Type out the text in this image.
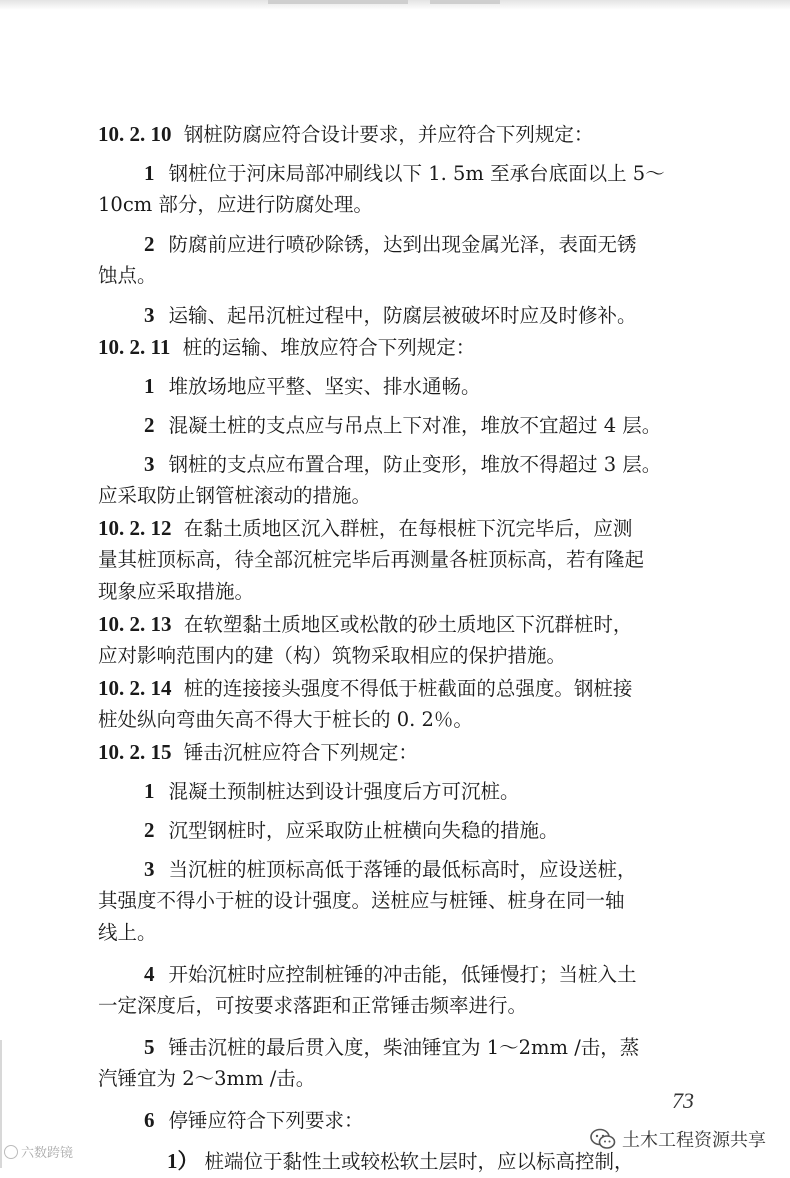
10. 2. 10 钢桩防腐应符合设计要求，并应符合下列规定：
1 钢桩位于河床局部冲刷线以下 1. 5m 至承台底面以上 5～
10cm 部分，应进行防腐处理。
2 防腐前应进行喷砂除锈，达到出现金属光泽，表面无锈
蚀点。
3 运输、起吊沉桩过程中，防腐层被破坏时应及时修补。
10. 2. 11 桩的运输、堆放应符合下列规定：
1 堆放场地应平整、坚实、排水通畅。
2 混凝土桩的支点应与吊点上下对准，堆放不宜超过 4 层。
3 钢桩的支点应布置合理，防止变形，堆放不得超过 3 层。
应采取防止钢管桩滚动的措施。
10. 2. 12 在黏土质地区沉入群桩，在每根桩下沉完毕后，应测
量其桩顶标高，待全部沉桩完毕后再测量各桩顶标高，若有隆起
现象应采取措施。
10. 2. 13 在软塑黏土质地区或松散的砂土质地区下沉群桩时，
应对影响范围内的建（构）筑物采取相应的保护措施。
10. 2. 14 桩的连接接头强度不得低于桩截面的总强度。钢桩接
桩处纵向弯曲矢高不得大于桩长的 0. 2％。
10. 2. 15 锤击沉桩应符合下列规定：
1 混凝土预制桩达到设计强度后方可沉桩。
2 沉型钢桩时，应采取防止桩横向失稳的措施。
3 当沉桩的桩顶标高低于落锤的最低标高时，应设送桩，
其强度不得小于桩的设计强度。送桩应与桩锤、桩身在同一轴
线上。
4 开始沉桩时应控制桩锤的冲击能，低锤慢打；当桩入土
一定深度后，可按要求落距和正常锤击频率进行。
5 锤击沉桩的最后贯入度，柴油锤宜为 1～2mm /击，蒸
汽锤宜为 2～3mm /击。
6 停锤应符合下列要求：
1） 桩端位于黏性土或较松软土层时，应以标高控制，
73
六数跨镜
土木工程资源共享
